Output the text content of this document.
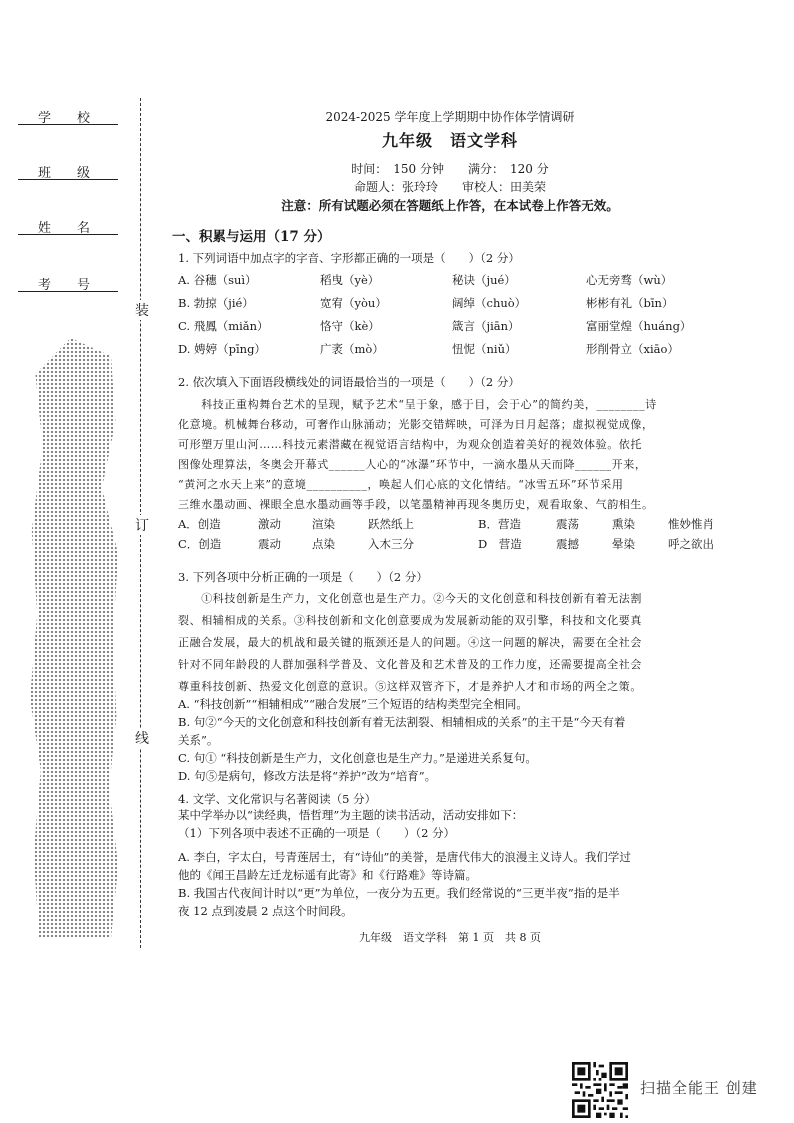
学校
班级
姓名
考号
装
订
线
2024-2025 学年度上学期期中协作体学情调研
九年级　语文学科
时间：　150 分钟　　满分：　120 分
命题人：张玲玲　　审校人：田美荣
注意：所有试题必须在答题纸上作答，在本试卷上作答无效。
一、积累与运用（17 分）
1. 下列词语中加点字的字音、字形都正确的一项是（　　）（2 分）
A. 谷穗（suì）	稻曳（yè）	秘诀（jué）	心无旁骛（wù）
B. 勃掠（jié）	宽宥（yòu）	阔绰（chuò）	彬彬有礼（bīn）
C. 飛鳳（miǎn）	恪守（kè）	箴言（jiān）	富丽堂煌（huáng）
D. 娉婷（pīng）	广袤（mò）	忸怩（niǔ）	形削骨立（xiāo）
2. 依次填入下面语段横线处的词语最恰当的一项是（　　）（2 分）
　　科技正重构舞台艺术的呈现，赋予艺术“呈于象，感于目，会于心”的简约美，________诗
化意境。机械舞台移动，可奢作山脉涌动；光影交错辉映，可泽为日月起落；虚拟视觉成像，
可形塑万里山河……科技元素潜藏在视觉语言结构中，为观众创造着美好的视效体验。依托
图像处理算法，冬奥会开幕式______人心的“冰瀑”环节中，一滴水墨从天而降______开来，
“黄河之水天上来”的意境__________，唤起人们心底的文化情结。“冰雪五环”环节采用
三维水墨动画、裸眼全息水墨动画等手段，以笔墨精神再现冬奥历史，观看取象、气韵相生。
A．创造	激动	渲染	跃然纸上	B．营造	震荡	熏染	惟妙惟肖
C．创造	震动	点染	入木三分	D　营造	震撼	晕染	呼之欲出
3. 下列各项中分析正确的一项是（　　）（2 分）
　　①科技创新是生产力，文化创意也是生产力。②今天的文化创意和科技创新有着无法割
裂、相辅相成的关系。③科技创新和文化创意要成为发展新动能的双引擎，科技和文化要真
正融合发展，最大的机战和最关键的瓶颈还是人的问题。④这一问题的解决，需要在全社会
针对不同年龄段的人群加强科学普及、文化普及和艺术普及的工作力度，还需要提高全社会
尊重科技创新、热爱文化创意的意识。⑤这样双管齐下，才是养护人才和市场的两全之策。
A. “科技创新”“相辅相成”“融合发展”三个短语的结构类型完全相同。
B. 句②“今天的文化创意和科技创新有着无法割裂、相辅相成的关系”的主干是“今天有着
关系”。
C. 句① “科技创新是生产力，文化创意也是生产力。”是递进关系复句。
D. 句⑤是病句，修改方法是将“养护”改为“培育”。
4. 文学、文化常识与名著阅读（5 分）
某中学举办以“读经典，悟哲理”为主题的读书活动，活动安排如下：
（1）下列各项中表述不正确的一项是（　　）（2 分）
A. 李白，字太白，号青莲居士，有“诗仙”的美誉，是唐代伟大的浪漫主义诗人。我们学过
他的《闻王昌龄左迁龙标遥有此寄》和《行路难》等诗篇。
B. 我国古代夜间计时以“更”为单位，一夜分为五更。我们经常说的“三更半夜”指的是半
夜 12 点到凌晨 2 点这个时间段。
九年级　语文学科　第 1 页　共 8 页
扫描全能王 创建
